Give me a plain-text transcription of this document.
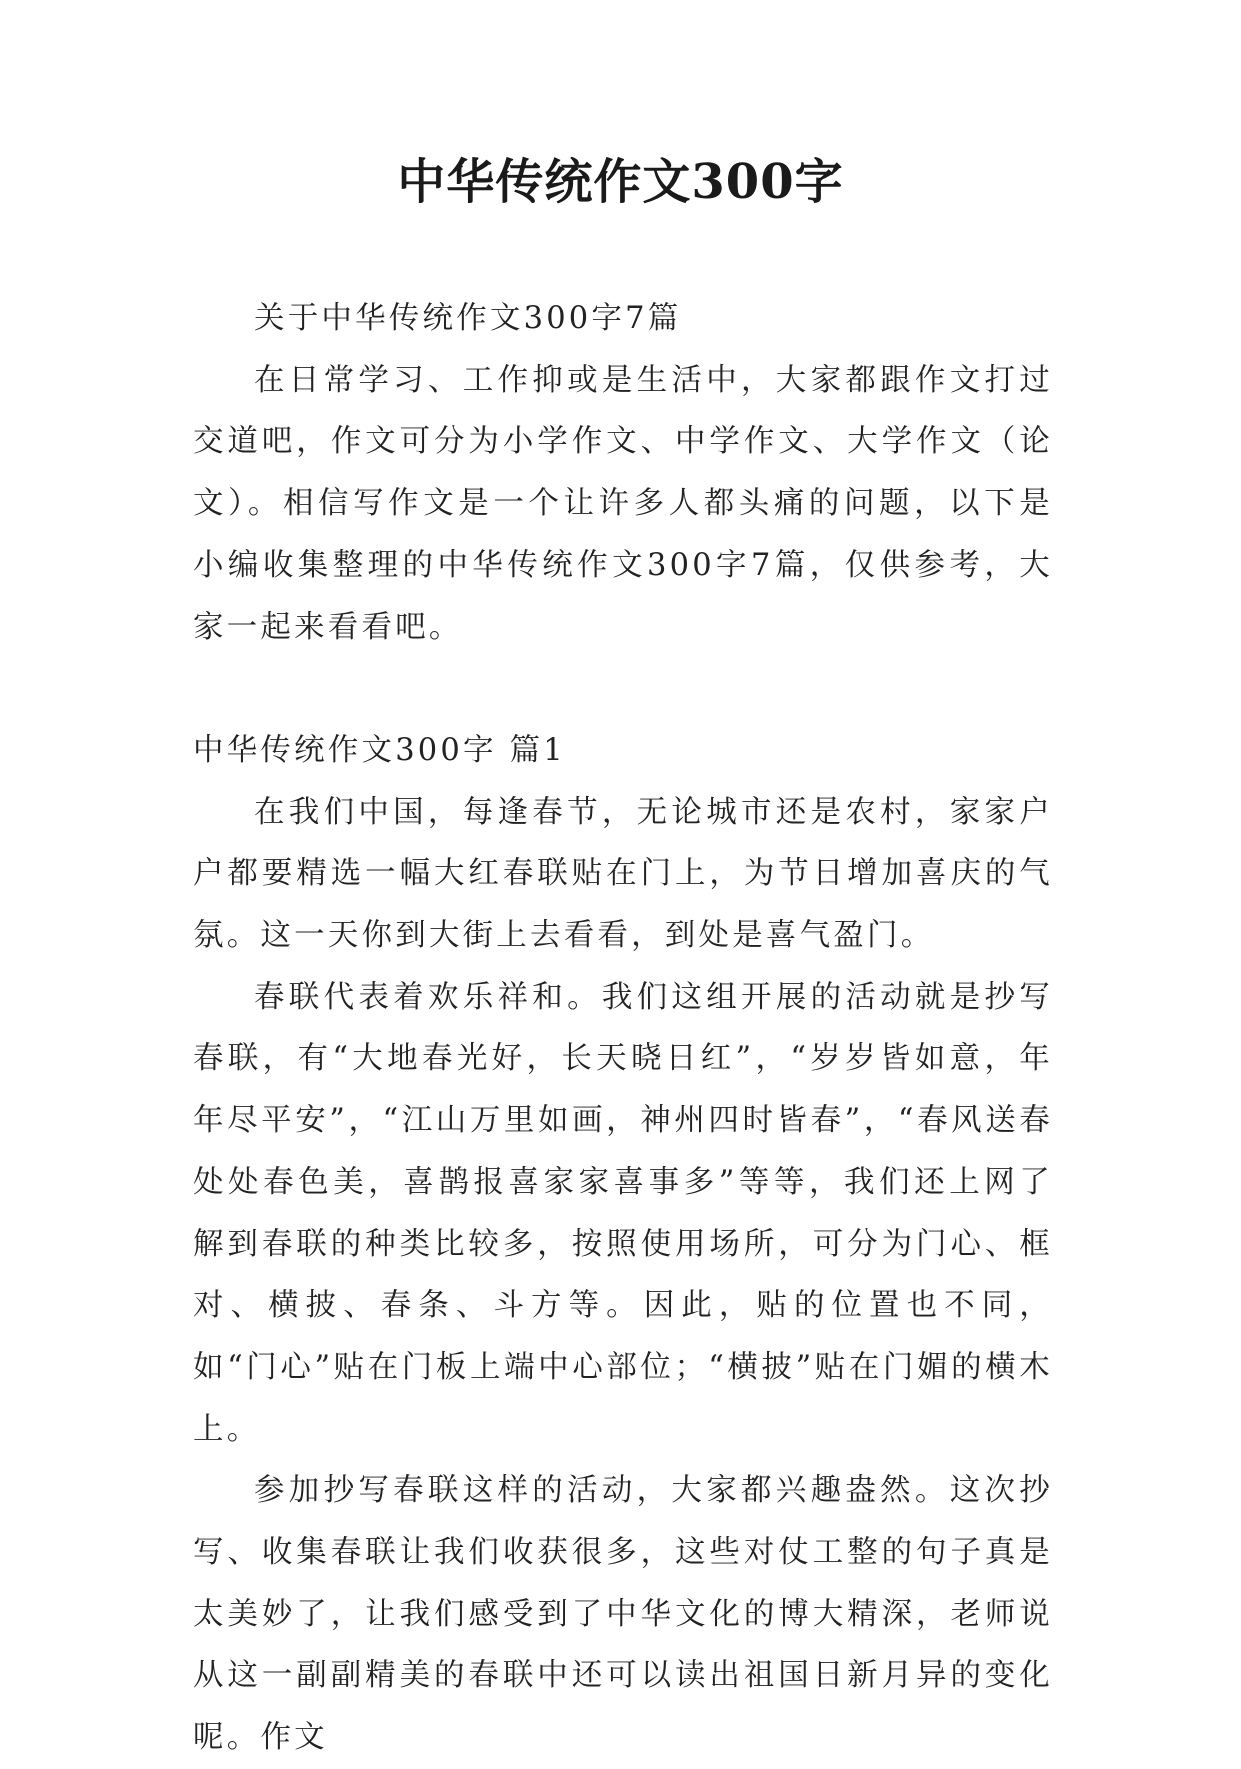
中华传统作文300字

关于中华传统作文300字7篇

在日常学习、工作抑或是生活中，大家都跟作文打过交道吧，作文可分为小学作文、中学作文、大学作文（论文）。相信写作文是一个让许多人都头痛的问题，以下是小编收集整理的中华传统作文300字7篇，仅供参考，大家一起来看看吧。

中华传统作文300字 篇1

在我们中国，每逢春节，无论城市还是农村，家家户户都要精选一幅大红春联贴在门上，为节日增加喜庆的气氛。这一天你到大街上去看看，到处是喜气盈门。

春联代表着欢乐祥和。我们这组开展的活动就是抄写春联，有“大地春光好，长天晓日红”，“岁岁皆如意，年年尽平安”，“江山万里如画，神州四时皆春”，“春风送春处处春色美，喜鹊报喜家家喜事多”等等，我们还上网了解到春联的种类比较多，按照使用场所，可分为门心、框对、横披、春条、斗方等。因此，贴的位置也不同，如“门心”贴在门板上端中心部位；“横披”贴在门媚的横木上。

参加抄写春联这样的活动，大家都兴趣盎然。这次抄写、收集春联让我们收获很多，这些对仗工整的句子真是太美妙了，让我们感受到了中华文化的博大精深，老师说从这一副副精美的春联中还可以读出祖国日新月异的变化呢。作文
